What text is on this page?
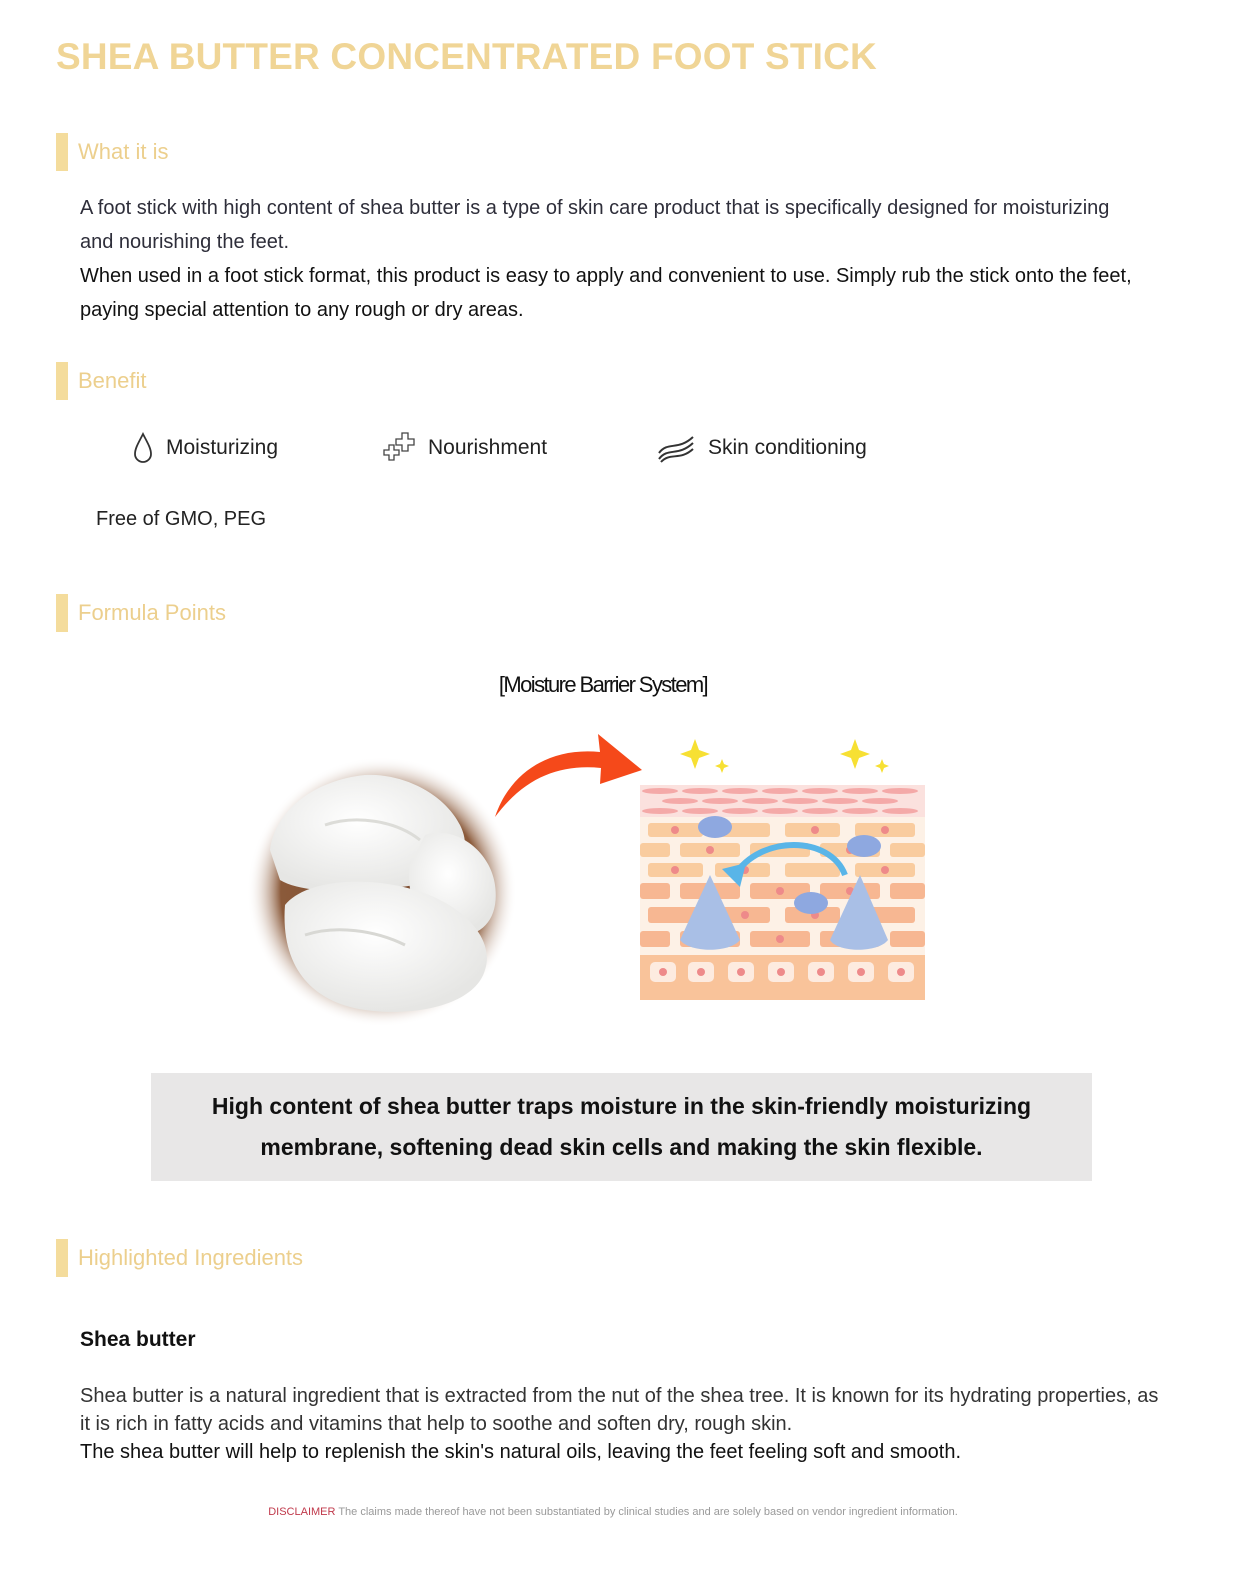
SHEA BUTTER CONCENTRATED FOOT STICK
What it is

A foot stick with high content of shea butter is a type of skin care product that is specifically designed for moisturizing and nourishing the feet.

When used in a foot stick format, this product is easy to apply and convenient to use. Simply rub the stick onto the feet, paying special attention to any rough or dry areas.

Benefit
Moisturizing	Nourishment	Skin conditioning
Free of GMO, PEG
Formula Points
[Moisture Barrier System]
High content of shea butter traps moisture in the skin-friendly moisturizing membrane, softening dead skin cells and making the skin flexible.
Highlighted Ingredients
Shea butter
Shea butter is a natural ingredient that is extracted from the nut of the shea tree. It is known for its hydrating properties, as it is rich in fatty acids and vitamins that help to soothe and soften dry, rough skin.
The shea butter will help to replenish the skin's natural oils, leaving the feet feeling soft and smooth.
DISCLAIMER The claims made thereof have not been substantiated by clinical studies and are solely based on vendor ingredient information.
